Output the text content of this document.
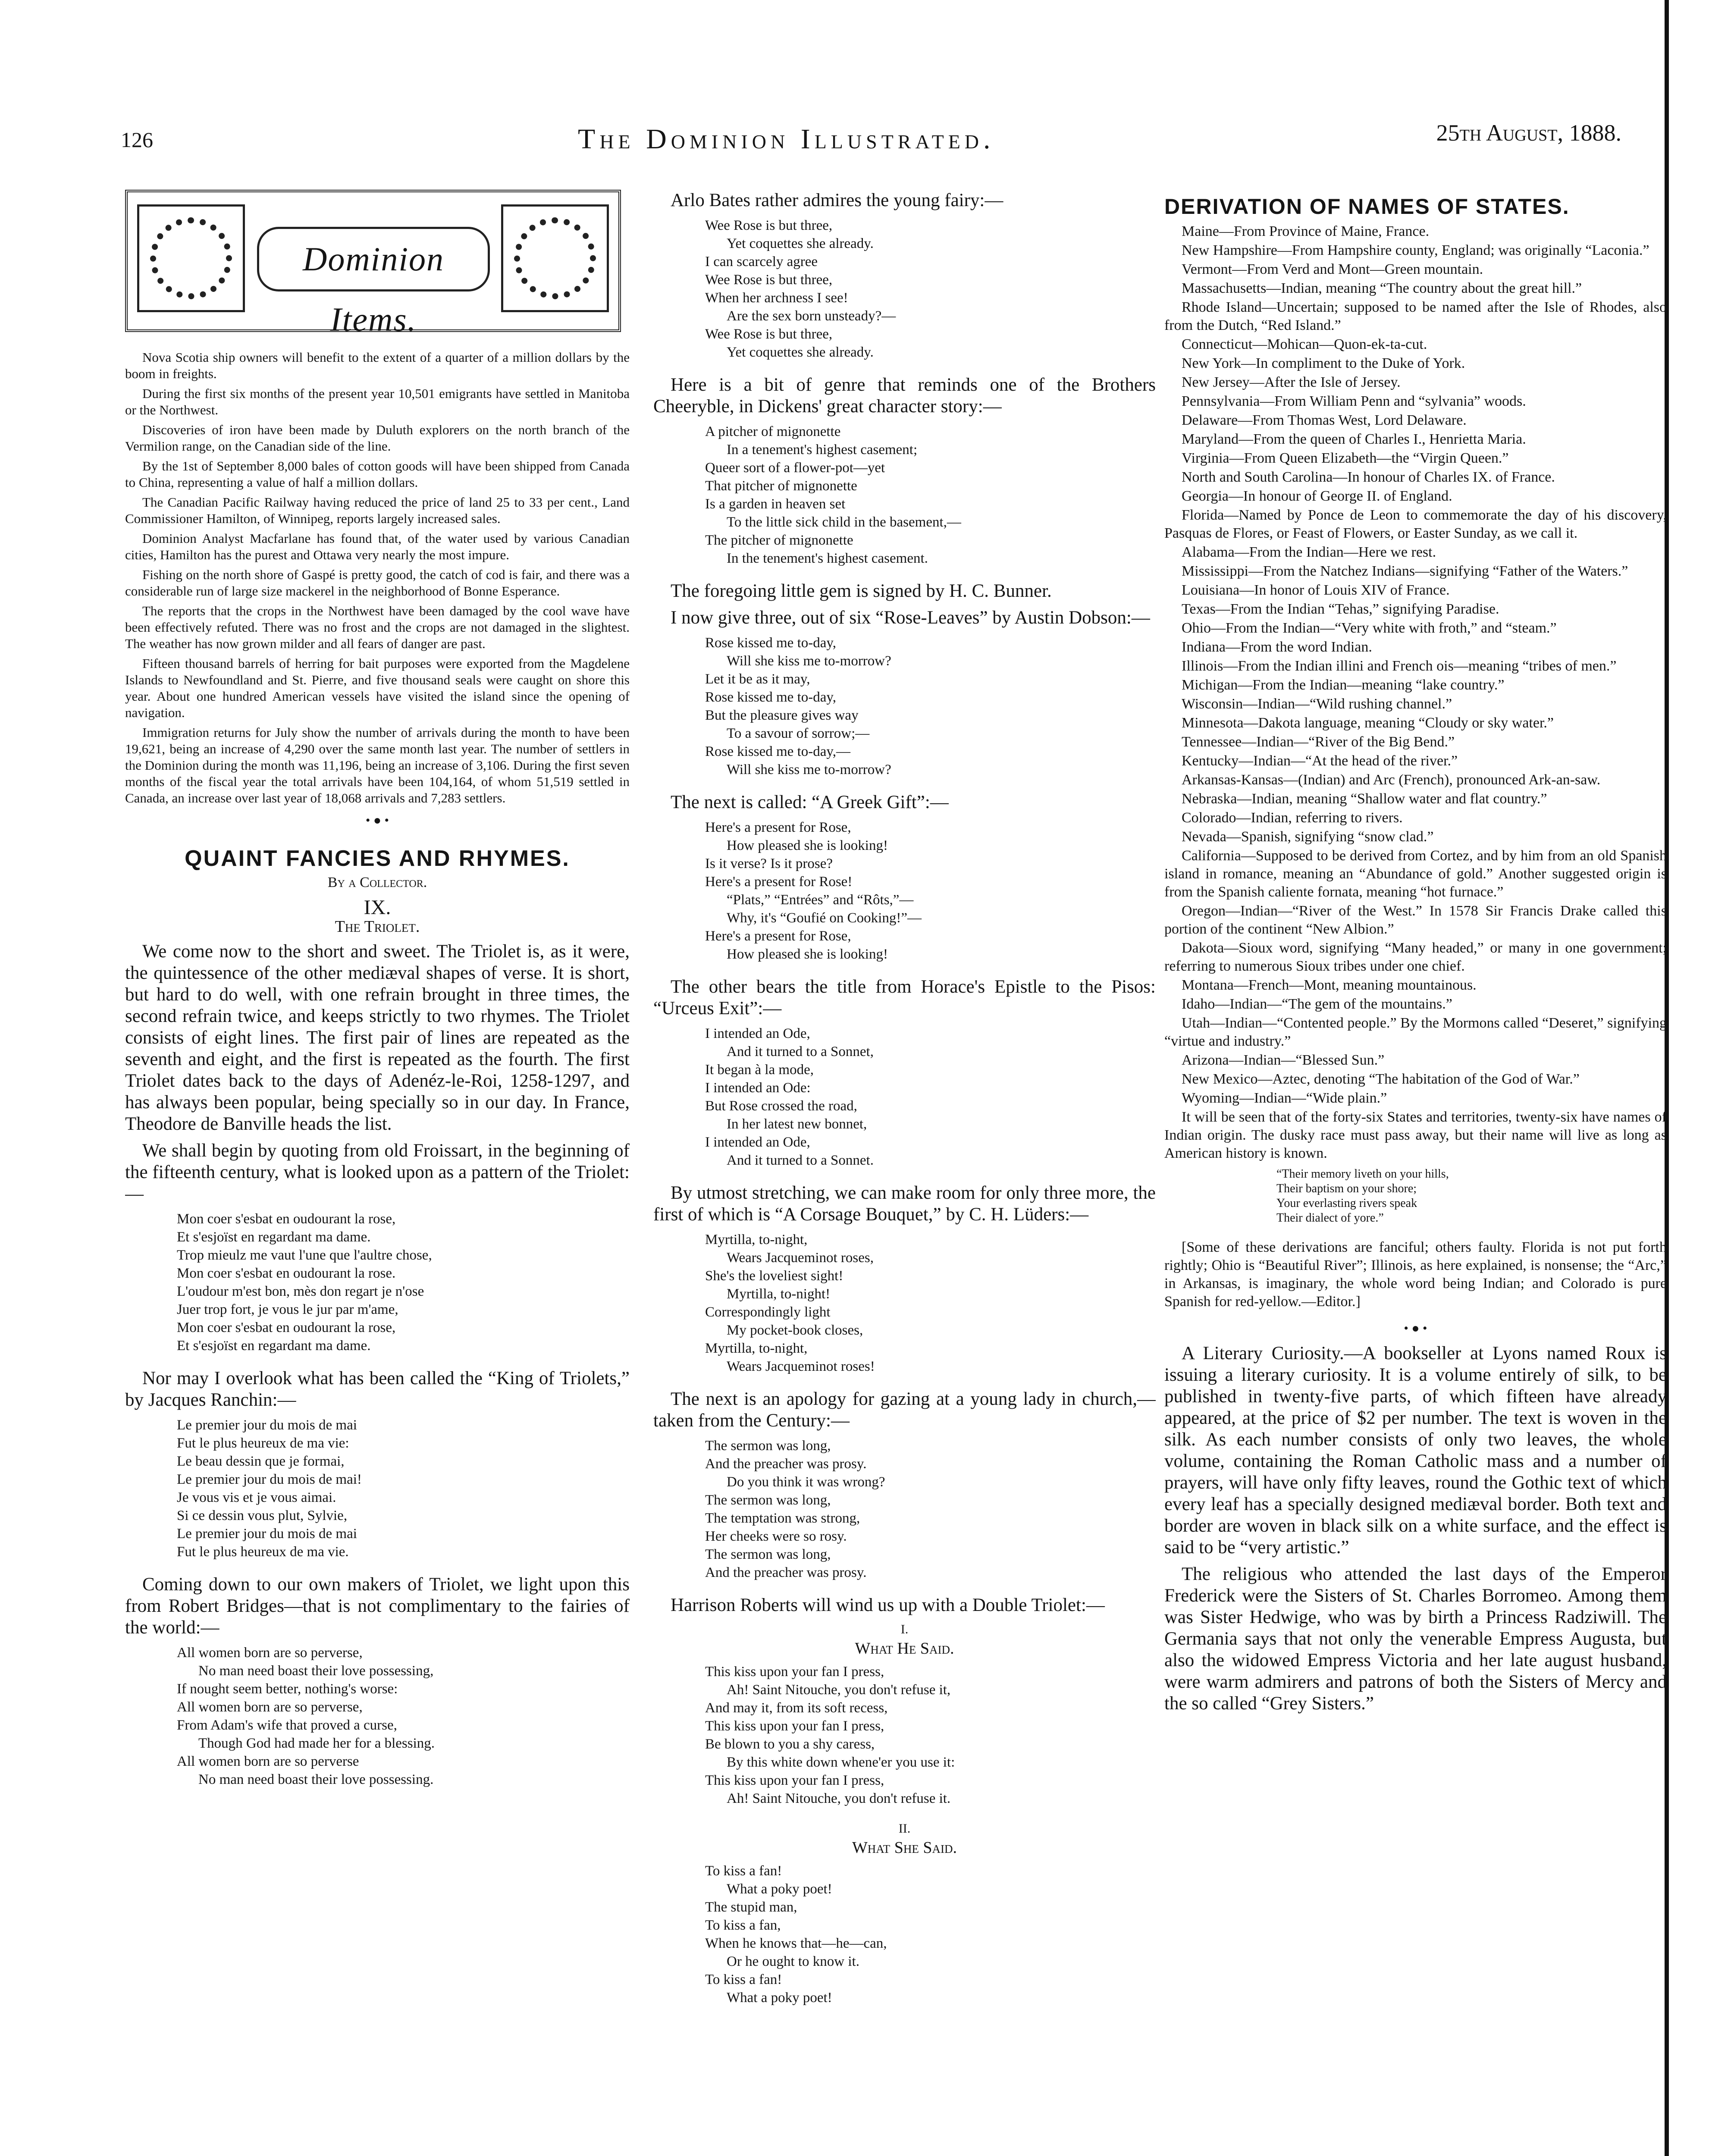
126	The Dominion Illustrated.	25th August, 1888.
Dominion Items.

Nova Scotia ship owners will benefit to the extent of a quarter of a million dollars by the boom in freights.

During the first six months of the present year 10,501 emigrants have settled in Manitoba or the Northwest.

Discoveries of iron have been made by Duluth explorers on the north branch of the Vermilion range, on the Canadian side of the line.

By the 1st of September 8,000 bales of cotton goods will have been shipped from Canada to China, representing a value of half a million dollars.

The Canadian Pacific Railway having reduced the price of land 25 to 33 per cent., Land Commissioner Hamilton, of Winnipeg, reports largely increased sales.

Dominion Analyst Macfarlane has found that, of the water used by various Canadian cities, Hamilton has the purest and Ottawa very nearly the most impure.

Fishing on the north shore of Gaspé is pretty good, the catch of cod is fair, and there was a considerable run of large size mackerel in the neighborhood of Bonne Esperance.

The reports that the crops in the Northwest have been damaged by the cool wave have been effectively refuted. There was no frost and the crops are not damaged in the slightest. The weather has now grown milder and all fears of danger are past.

Fifteen thousand barrels of herring for bait purposes were exported from the Magdelene Islands to Newfoundland and St. Pierre, and five thousand seals were caught on shore this year. About one hundred American vessels have visited the island since the opening of navigation.

Immigration returns for July show the number of arrivals during the month to have been 19,621, being an increase of 4,290 over the same month last year. The number of settlers in the Dominion during the month was 11,196, being an increase of 3,106. During the first seven months of the fiscal year the total arrivals have been 104,164, of whom 51,519 settled in Canada, an increase over last year of 18,068 arrivals and 7,283 settlers.

• ● •
QUAINT FANCIES AND RHYMES.
By a Collector.
IX.
The Triolet.

We come now to the short and sweet. The Triolet is, as it were, the quintessence of the other mediæval shapes of verse. It is short, but hard to do well, with one refrain brought in three times, the second refrain twice, and keeps strictly to two rhymes. The Triolet consists of eight lines. The first pair of lines are repeated as the seventh and eight, and the first is repeated as the fourth. The first Triolet dates back to the days of Adenéz-le-Roi, 1258-1297, and has always been popular, being specially so in our day. In France, Theodore de Banville heads the list.

We shall begin by quoting from old Froissart, in the beginning of the fifteenth century, what is looked upon as a pattern of the Triolet:—

Mon coer s'esbat en oudourant la rose,
Et s'esjoïst en regardant ma dame.
Trop mieulz me vaut l'une que l'aultre chose,
Mon coer s'esbat en oudourant la rose.
L'oudour m'est bon, mès don regart je n'ose
Juer trop fort, je vous le jur par m'ame,
Mon coer s'esbat en oudourant la rose,
Et s'esjoïst en regardant ma dame.

Nor may I overlook what has been called the “King of Triolets,” by Jacques Ranchin:—

Le premier jour du mois de mai
Fut le plus heureux de ma vie:
Le beau dessin que je formai,
Le premier jour du mois de mai!
Je vous vis et je vous aimai.
Si ce dessin vous plut, Sylvie,
Le premier jour du mois de mai
Fut le plus heureux de ma vie.

Coming down to our own makers of Triolet, we light upon this from Robert Bridges—that is not complimentary to the fairies of the world:—

All women born are so perverse,
No man need boast their love possessing,
If nought seem better, nothing's worse:
All women born are so perverse,
From Adam's wife that proved a curse,
Though God had made her for a blessing.
All women born are so perverse
No man need boast their love possessing.

Arlo Bates rather admires the young fairy:—

Wee Rose is but three,
Yet coquettes she already.
I can scarcely agree
Wee Rose is but three,
When her archness I see!
Are the sex born unsteady?—
Wee Rose is but three,
Yet coquettes she already.

Here is a bit of genre that reminds one of the Brothers Cheeryble, in Dickens' great character story:—

A pitcher of mignonette
In a tenement's highest casement;
Queer sort of a flower-pot—yet
That pitcher of mignonette
Is a garden in heaven set
To the little sick child in the basement,—
The pitcher of mignonette
In the tenement's highest casement.

The foregoing little gem is signed by H. C. Bunner.

I now give three, out of six “Rose-Leaves” by Austin Dobson:—

Rose kissed me to-day,
Will she kiss me to-morrow?
Let it be as it may,
Rose kissed me to-day,
But the pleasure gives way
To a savour of sorrow;—
Rose kissed me to-day,—
Will she kiss me to-morrow?

The next is called: “A Greek Gift”:—

Here's a present for Rose,
How pleased she is looking!
Is it verse? Is it prose?
Here's a present for Rose!
“Plats,” “Entrées” and “Rôts,”—
Why, it's “Goufié on Cooking!”—
Here's a present for Rose,
How pleased she is looking!

The other bears the title from Horace's Epistle to the Pisos: “Urceus Exit”:—

I intended an Ode,
And it turned to a Sonnet,
It began à la mode,
I intended an Ode:
But Rose crossed the road,
In her latest new bonnet,
I intended an Ode,
And it turned to a Sonnet.

By utmost stretching, we can make room for only three more, the first of which is “A Corsage Bouquet,” by C. H. Lüders:—

Myrtilla, to-night,
Wears Jacqueminot roses,
She's the loveliest sight!
Myrtilla, to-night!
Correspondingly light
My pocket-book closes,
Myrtilla, to-night,
Wears Jacqueminot roses!

The next is an apology for gazing at a young lady in church,—taken from the Century:—

The sermon was long,
And the preacher was prosy.
Do you think it was wrong?
The sermon was long,
The temptation was strong,
Her cheeks were so rosy.
The sermon was long,
And the preacher was prosy.

Harrison Roberts will wind us up with a Double Triolet:—

I.
What He Said.
This kiss upon your fan I press,
Ah! Saint Nitouche, you don't refuse it,
And may it, from its soft recess,
This kiss upon your fan I press,
Be blown to you a shy caress,
By this white down whene'er you use it:
This kiss upon your fan I press,
Ah! Saint Nitouche, you don't refuse it.
II.
What She Said.
To kiss a fan!
What a poky poet!
The stupid man,
To kiss a fan,
When he knows that—he—can,
Or he ought to know it.
To kiss a fan!
What a poky poet!
DERIVATION OF NAMES OF STATES.

Maine—From Province of Maine, France.

New Hampshire—From Hampshire county, England; was originally “Laconia.”

Vermont—From Verd and Mont—Green mountain.

Massachusetts—Indian, meaning “The country about the great hill.”

Rhode Island—Uncertain; supposed to be named after the Isle of Rhodes, also from the Dutch, “Red Island.”

Connecticut—Mohican—Quon-ek-ta-cut.

New York—In compliment to the Duke of York.

New Jersey—After the Isle of Jersey.

Pennsylvania—From William Penn and “sylvania” woods.

Delaware—From Thomas West, Lord Delaware.

Maryland—From the queen of Charles I., Henrietta Maria.

Virginia—From Queen Elizabeth—the “Virgin Queen.”

North and South Carolina—In honour of Charles IX. of France.

Georgia—In honour of George II. of England.

Florida—Named by Ponce de Leon to commemorate the day of his discovery, Pasquas de Flores, or Feast of Flowers, or Easter Sunday, as we call it.

Alabama—From the Indian—Here we rest.

Mississippi—From the Natchez Indians—signifying “Father of the Waters.”

Louisiana—In honor of Louis XIV of France.

Texas—From the Indian “Tehas,” signifying Paradise.

Ohio—From the Indian—“Very white with froth,” and “steam.”

Indiana—From the word Indian.

Illinois—From the Indian illini and French ois—meaning “tribes of men.”

Michigan—From the Indian—meaning “lake country.”

Wisconsin—Indian—“Wild rushing channel.”

Minnesota—Dakota language, meaning “Cloudy or sky water.”

Tennessee—Indian—“River of the Big Bend.”

Kentucky—Indian—“At the head of the river.”

Arkansas-Kansas—(Indian) and Arc (French), pronounced Ark-an-saw.

Nebraska—Indian, meaning “Shallow water and flat country.”

Colorado—Indian, referring to rivers.

Nevada—Spanish, signifying “snow clad.”

California—Supposed to be derived from Cortez, and by him from an old Spanish island in romance, meaning an “Abundance of gold.” Another suggested origin is from the Spanish caliente fornata, meaning “hot furnace.”

Oregon—Indian—“River of the West.” In 1578 Sir Francis Drake called this portion of the continent “New Albion.”

Dakota—Sioux word, signifying “Many headed,” or many in one government; referring to numerous Sioux tribes under one chief.

Montana—French—Mont, meaning mountainous.

Idaho—Indian—“The gem of the mountains.”

Utah—Indian—“Contented people.” By the Mormons called “Deseret,” signifying “virtue and industry.”

Arizona—Indian—“Blessed Sun.”

New Mexico—Aztec, denoting “The habitation of the God of War.”

Wyoming—Indian—“Wide plain.”

It will be seen that of the forty-six States and territories, twenty-six have names of Indian origin. The dusky race must pass away, but their name will live as long as American history is known.

“Their memory liveth on your hills,
Their baptism on your shore;
Your everlasting rivers speak
Their dialect of yore.”

[Some of these derivations are fanciful; others faulty. Florida is not put forth rightly; Ohio is “Beautiful River”; Illinois, as here explained, is nonsense; the “Arc,” in Arkansas, is imaginary, the whole word being Indian; and Colorado is pure Spanish for red-yellow.—Editor.]

• ● •

A Literary Curiosity.—A bookseller at Lyons named Roux is issuing a literary curiosity. It is a volume entirely of silk, to be published in twenty-five parts, of which fifteen have already appeared, at the price of $2 per number. The text is woven in the silk. As each number consists of only two leaves, the whole volume, containing the Roman Catholic mass and a number of prayers, will have only fifty leaves, round the Gothic text of which every leaf has a specially designed mediæval border. Both text and border are woven in black silk on a white surface, and the effect is said to be “very artistic.”

The religious who attended the last days of the Emperor Frederick were the Sisters of St. Charles Borromeo. Among them was Sister Hedwige, who was by birth a Princess Radziwill. The Germania says that not only the venerable Empress Augusta, but also the widowed Empress Victoria and her late august husband, were warm admirers and patrons of both the Sisters of Mercy and the so called “Grey Sisters.”
